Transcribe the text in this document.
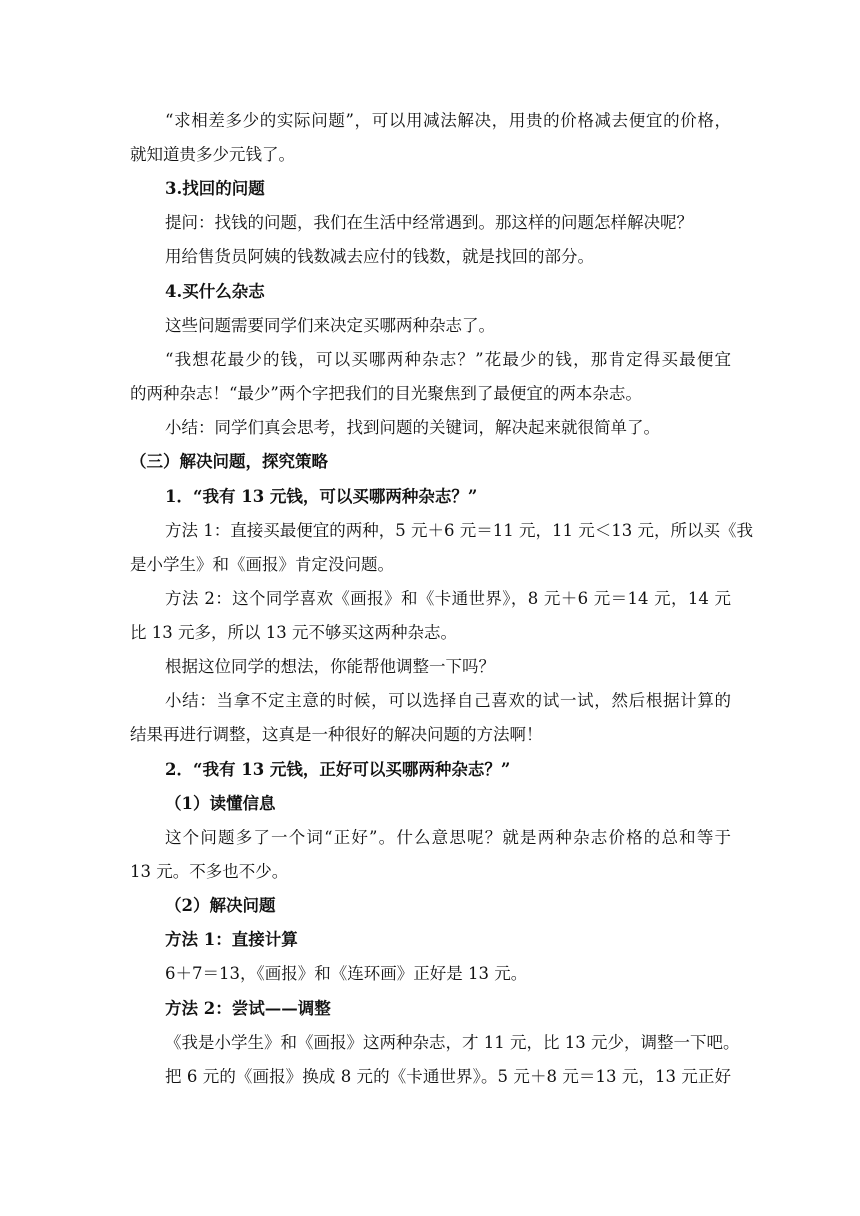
“求相差多少的实际问题”，可以用减法解决，用贵的价格减去便宜的价格，
就知道贵多少元钱了。
3.找回的问题
提问：找钱的问题，我们在生活中经常遇到。那这样的问题怎样解决呢？
用给售货员阿姨的钱数减去应付的钱数，就是找回的部分。
4.买什么杂志
这些问题需要同学们来决定买哪两种杂志了。
“我想花最少的钱，可以买哪两种杂志？”花最少的钱，那肯定得买最便宜
的两种杂志！“最少”两个字把我们的目光聚焦到了最便宜的两本杂志。
小结：同学们真会思考，找到问题的关键词，解决起来就很简单了。
（三）解决问题，探究策略
1．“我有 13 元钱，可以买哪两种杂志？”
方法 1：直接买最便宜的两种，5 元＋6 元＝11 元，11 元＜13 元，所以买《我
是小学生》和《画报》肯定没问题。
方法 2：这个同学喜欢《画报》和《卡通世界》，8 元＋6 元＝14 元，14 元
比 13 元多，所以 13 元不够买这两种杂志。
根据这位同学的想法，你能帮他调整一下吗？
小结：当拿不定主意的时候，可以选择自己喜欢的试一试，然后根据计算的
结果再进行调整，这真是一种很好的解决问题的方法啊！
2．“我有 13 元钱，正好可以买哪两种杂志？”
（1）读懂信息
这个问题多了一个词“正好”。什么意思呢？就是两种杂志价格的总和等于
13 元。不多也不少。
（2）解决问题
方法 1：直接计算
6＋7＝13，《画报》和《连环画》正好是 13 元。
方法 2：尝试——调整
《我是小学生》和《画报》这两种杂志，才 11 元，比 13 元少，调整一下吧。
把 6 元的《画报》换成 8 元的《卡通世界》。5 元＋8 元＝13 元，13 元正好
